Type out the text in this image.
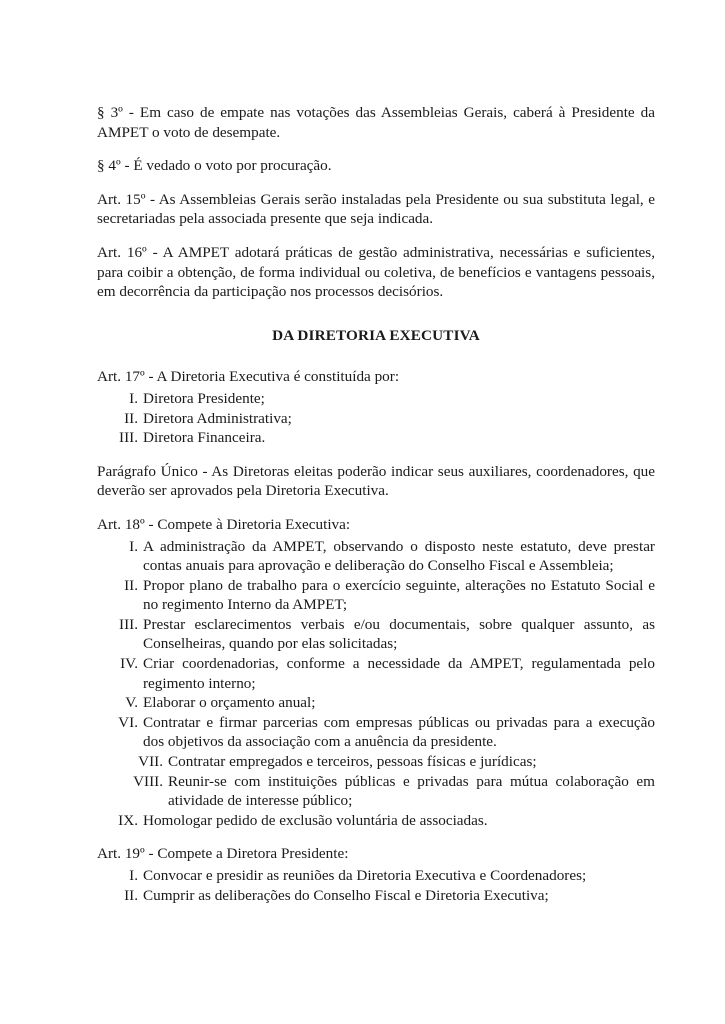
§ 3º - Em caso de empate nas votações das Assembleias Gerais, caberá à Presidente da AMPET o voto de desempate.

§ 4º - É vedado o voto por procuração.

Art. 15º - As Assembleias Gerais serão instaladas pela Presidente ou sua substituta legal, e secretariadas pela associada presente que seja indicada.

Art. 16º - A AMPET adotará práticas de gestão administrativa, necessárias e suficientes, para coibir a obtenção, de forma individual ou coletiva, de benefícios e vantagens pessoais, em decorrência da participação nos processos decisórios.

DA DIRETORIA EXECUTIVA

Art. 17º - A Diretoria Executiva é constituída por:

I. Diretora Presidente;
II. Diretora Administrativa;
III. Diretora Financeira.

Parágrafo Único - As Diretoras eleitas poderão indicar seus auxiliares, coordenadores, que deverão ser aprovados pela Diretoria Executiva.

Art. 18º - Compete à Diretoria Executiva:

I. A administração da AMPET, observando o disposto neste estatuto, deve prestar contas anuais para aprovação e deliberação do Conselho Fiscal e Assembleia;
II. Propor plano de trabalho para o exercício seguinte, alterações no Estatuto Social e no regimento Interno da AMPET;
III. Prestar esclarecimentos verbais e/ou documentais, sobre qualquer assunto, as Conselheiras, quando por elas solicitadas;
IV. Criar coordenadorias, conforme a necessidade da AMPET, regulamentada pelo regimento interno;
V. Elaborar o orçamento anual;
VI. Contratar e firmar parcerias com empresas públicas ou privadas para a execução dos objetivos da associação com a anuência da presidente.
VII. Contratar empregados e terceiros, pessoas físicas e jurídicas;
VIII. Reunir-se com instituições públicas e privadas para mútua colaboração em atividade de interesse público;
IX. Homologar pedido de exclusão voluntária de associadas.

Art. 19º - Compete a Diretora Presidente:

I. Convocar e presidir as reuniões da Diretoria Executiva e Coordenadores;
II. Cumprir as deliberações do Conselho Fiscal e Diretoria Executiva;
